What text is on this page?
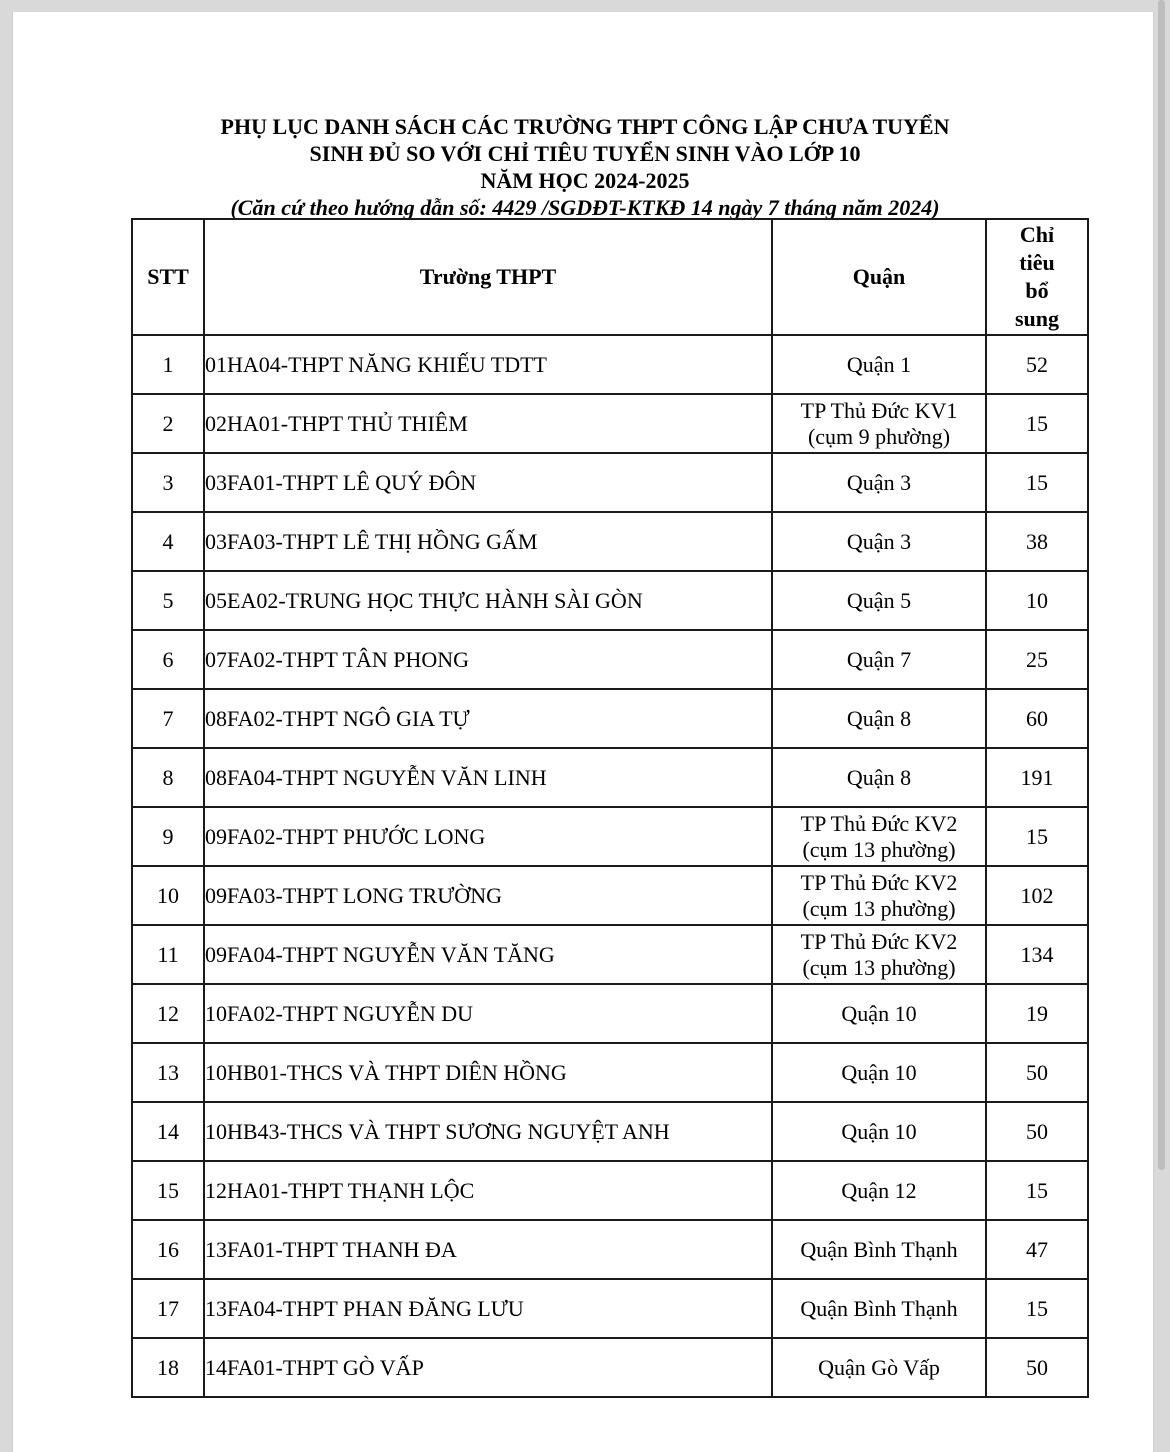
PHỤ LỤC DANH SÁCH CÁC TRƯỜNG THPT CÔNG LẬP CHƯA TUYỂN
SINH ĐỦ SO VỚI CHỈ TIÊU TUYỂN SINH VÀO LỚP 10
NĂM HỌC 2024-2025
(Căn cứ theo hướng dẫn số: 4429 /SGDĐT-KTKĐ 14 ngày 7 tháng năm 2024)
STT	Trường THPT	Quận	Chỉ
tiêu
bổ
sung
1	01HA04-THPT NĂNG KHIẾU TDTT	Quận 1	52
2	02HA01-THPT THỦ THIÊM	TP Thủ Đức KV1
(cụm 9 phường)	15
3	03FA01-THPT LÊ QUÝ ĐÔN	Quận 3	15
4	03FA03-THPT LÊ THỊ HỒNG GẤM	Quận 3	38
5	05EA02-TRUNG HỌC THỰC HÀNH SÀI GÒN	Quận 5	10
6	07FA02-THPT TÂN PHONG	Quận 7	25
7	08FA02-THPT NGÔ GIA TỰ	Quận 8	60
8	08FA04-THPT NGUYỄN VĂN LINH	Quận 8	191
9	09FA02-THPT PHƯỚC LONG	TP Thủ Đức KV2
(cụm 13 phường)	15
10	09FA03-THPT LONG TRƯỜNG	TP Thủ Đức KV2
(cụm 13 phường)	102
11	09FA04-THPT NGUYỄN VĂN TĂNG	TP Thủ Đức KV2
(cụm 13 phường)	134
12	10FA02-THPT NGUYỄN DU	Quận 10	19
13	10HB01-THCS VÀ THPT DIÊN HỒNG	Quận 10	50
14	10HB43-THCS VÀ THPT SƯƠNG NGUYỆT ANH	Quận 10	50
15	12HA01-THPT THẠNH LỘC	Quận 12	15
16	13FA01-THPT THANH ĐA	Quận Bình Thạnh	47
17	13FA04-THPT PHAN ĐĂNG LƯU	Quận Bình Thạnh	15
18	14FA01-THPT GÒ VẤP	Quận Gò Vấp	50
